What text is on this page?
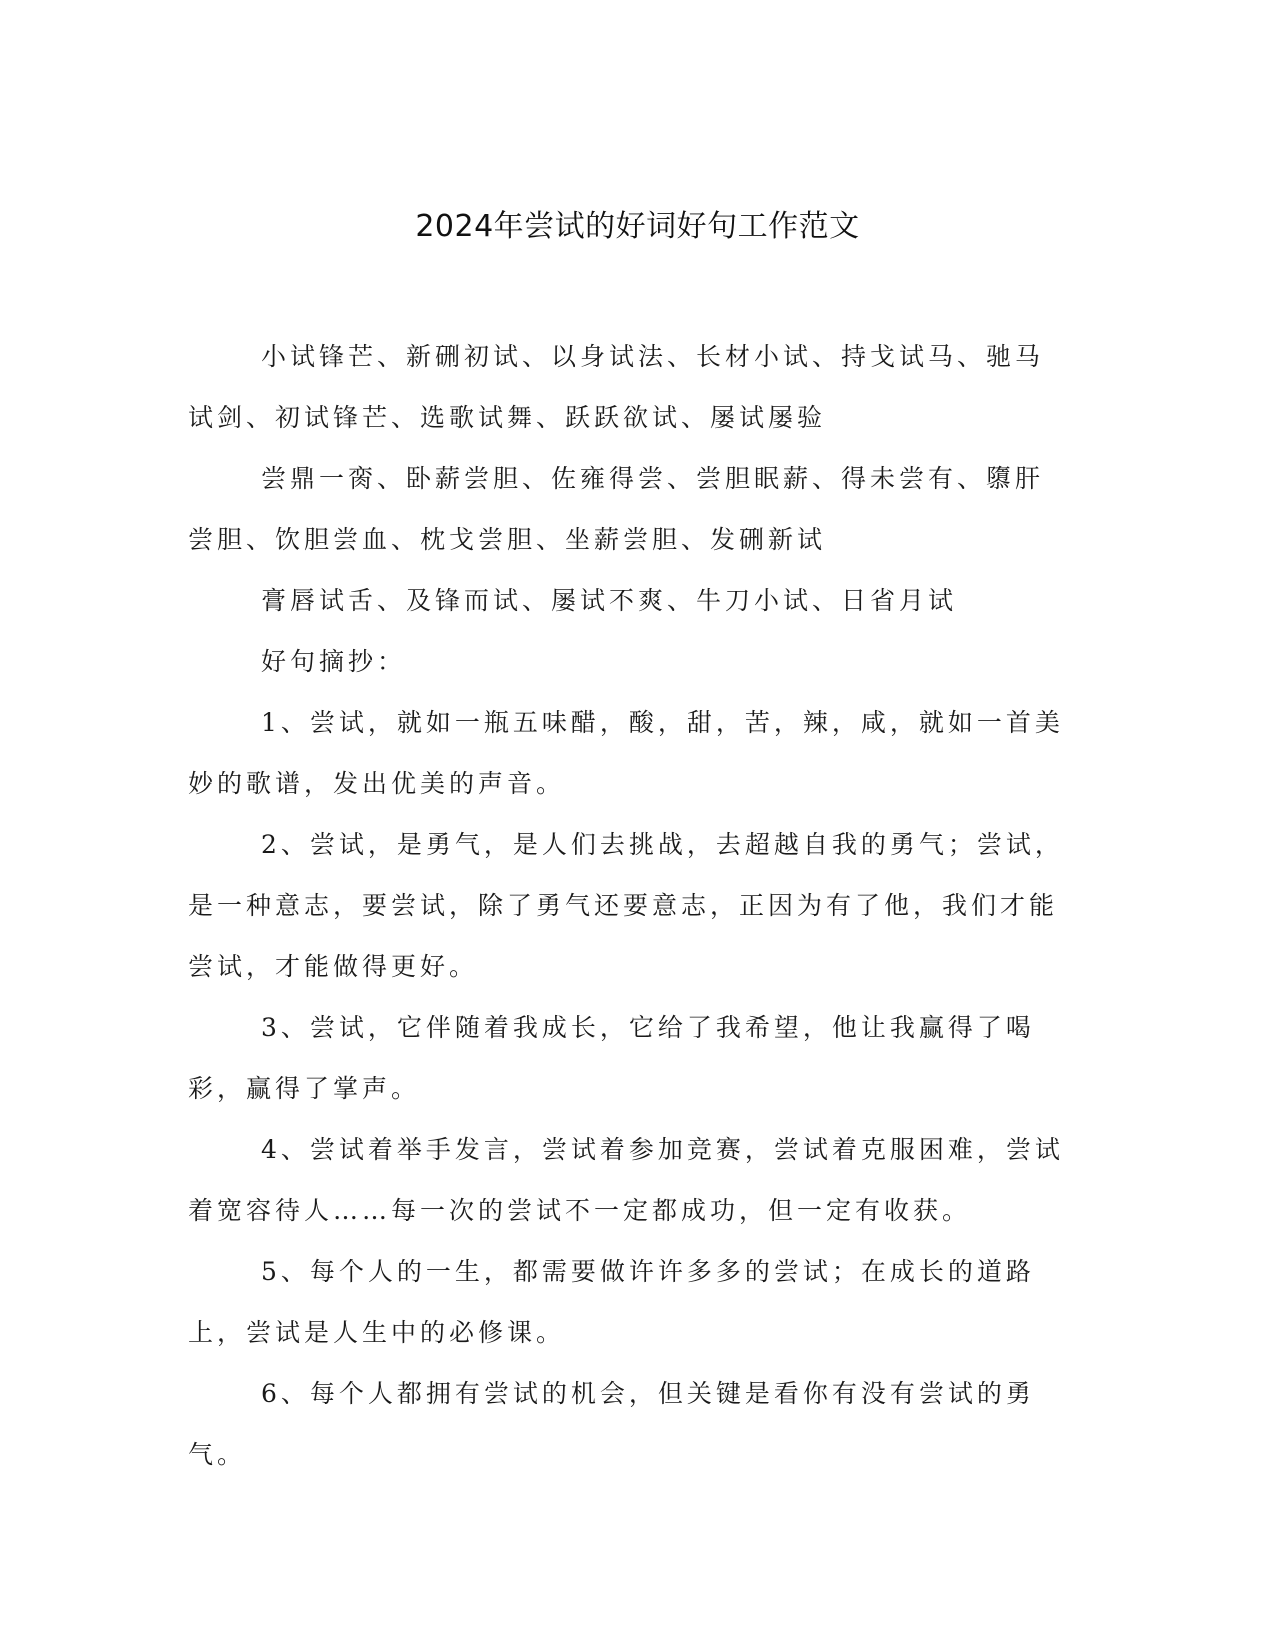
2024年尝试的好词好句工作范文

小试锋芒、新硎初试、以身试法、长材小试、持戈试马、驰马试剑、初试锋芒、选歌试舞、跃跃欲试、屡试屡验

尝鼎一脔、卧薪尝胆、佐雍得尝、尝胆眠薪、得未尝有、隳肝尝胆、饮胆尝血、枕戈尝胆、坐薪尝胆、发硎新试

膏唇试舌、及锋而试、屡试不爽、牛刀小试、日省月试

好句摘抄：

1、尝试，就如一瓶五味醋，酸，甜，苦，辣，咸，就如一首美妙的歌谱，发出优美的声音。

2、尝试，是勇气，是人们去挑战，去超越自我的勇气；尝试，是一种意志，要尝试，除了勇气还要意志，正因为有了他，我们才能尝试，才能做得更好。

3、尝试，它伴随着我成长，它给了我希望，他让我赢得了喝彩，赢得了掌声。

4、尝试着举手发言，尝试着参加竞赛，尝试着克服困难，尝试着宽容待人……每一次的尝试不一定都成功，但一定有收获。

5、每个人的一生，都需要做许许多多的尝试；在成长的道路上，尝试是人生中的必修课。

6、每个人都拥有尝试的机会，但关键是看你有没有尝试的勇气。
